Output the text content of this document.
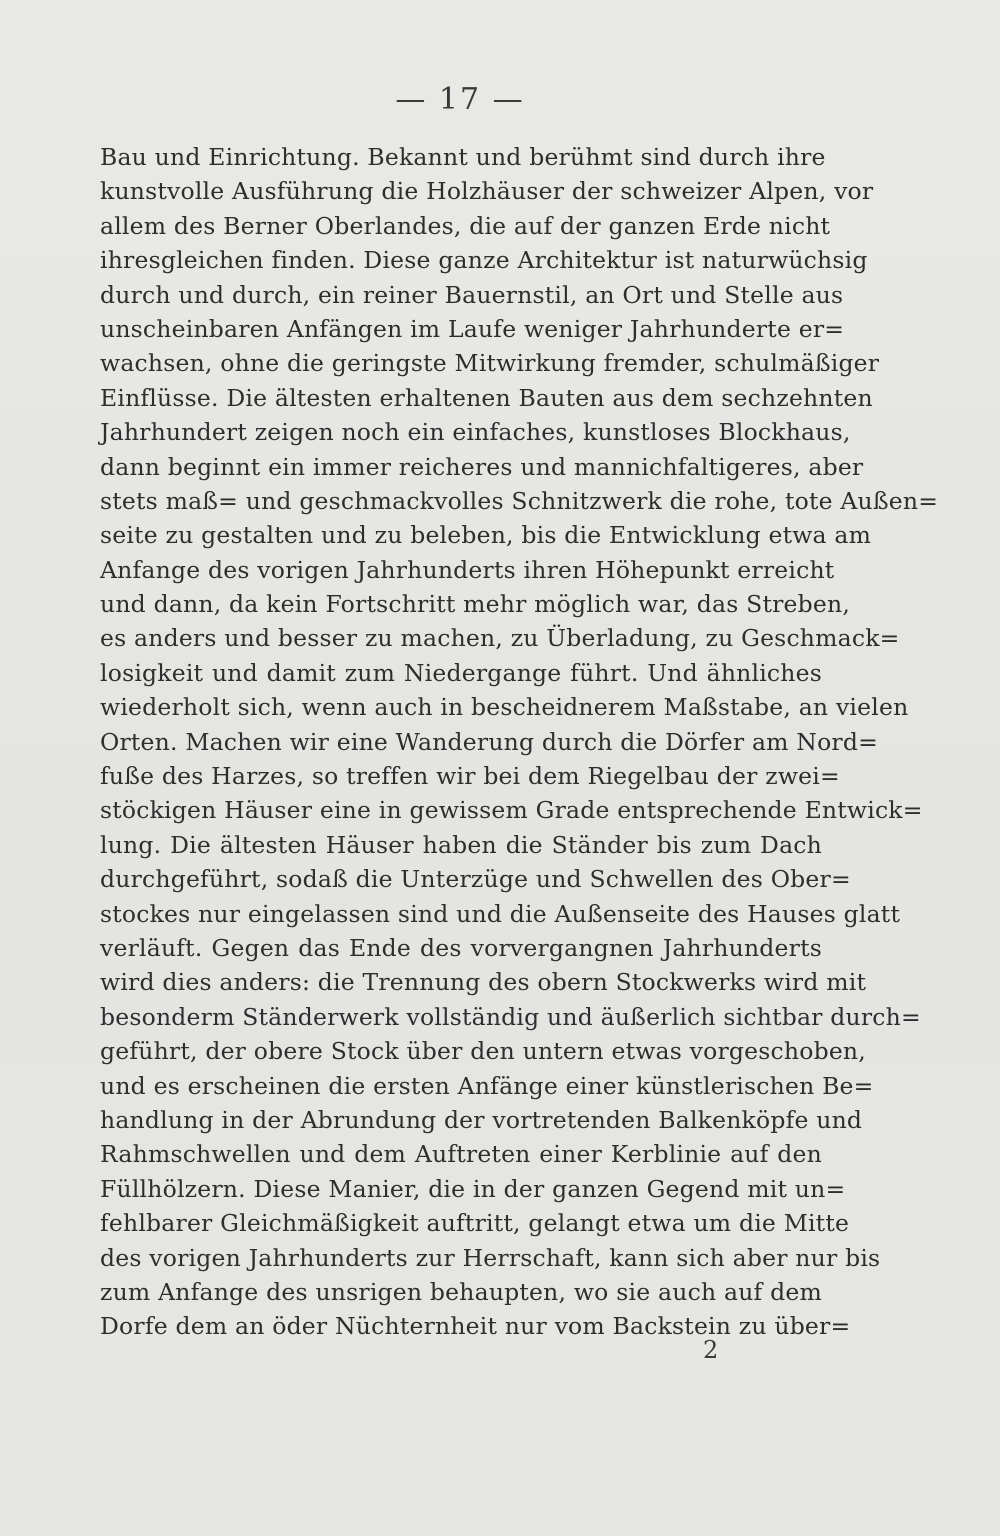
— 17 —
Bau und Einrichtung. Bekannt und berühmt sind durch ihre
kunstvolle Ausführung die Holzhäuser der schweizer Alpen, vor
allem des Berner Oberlandes, die auf der ganzen Erde nicht
ihresgleichen finden. Diese ganze Architektur ist naturwüchsig
durch und durch, ein reiner Bauernstil, an Ort und Stelle aus
unscheinbaren Anfängen im Laufe weniger Jahrhunderte er=
wachsen, ohne die geringste Mitwirkung fremder, schulmäßiger
Einflüsse. Die ältesten erhaltenen Bauten aus dem sechzehnten
Jahrhundert zeigen noch ein einfaches, kunstloses Blockhaus,
dann beginnt ein immer reicheres und mannichfaltigeres, aber
stets maß= und geschmackvolles Schnitzwerk die rohe, tote Außen=
seite zu gestalten und zu beleben, bis die Entwicklung etwa am
Anfange des vorigen Jahrhunderts ihren Höhepunkt erreicht
und dann, da kein Fortschritt mehr möglich war, das Streben,
es anders und besser zu machen, zu Überladung, zu Geschmack=
losigkeit und damit zum Niedergange führt. Und ähnliches
wiederholt sich, wenn auch in bescheidnerem Maßstabe, an vielen
Orten. Machen wir eine Wanderung durch die Dörfer am Nord=
fuße des Harzes, so treffen wir bei dem Riegelbau der zwei=
stöckigen Häuser eine in gewissem Grade entsprechende Entwick=
lung. Die ältesten Häuser haben die Ständer bis zum Dach
durchgeführt, sodaß die Unterzüge und Schwellen des Ober=
stockes nur eingelassen sind und die Außenseite des Hauses glatt
verläuft. Gegen das Ende des vorvergangnen Jahrhunderts
wird dies anders: die Trennung des obern Stockwerks wird mit
besonderm Ständerwerk vollständig und äußerlich sichtbar durch=
geführt, der obere Stock über den untern etwas vorgeschoben,
und es erscheinen die ersten Anfänge einer künstlerischen Be=
handlung in der Abrundung der vortretenden Balkenköpfe und
Rahmschwellen und dem Auftreten einer Kerblinie auf den
Füllhölzern. Diese Manier, die in der ganzen Gegend mit un=
fehlbarer Gleichmäßigkeit auftritt, gelangt etwa um die Mitte
des vorigen Jahrhunderts zur Herrschaft, kann sich aber nur bis
zum Anfange des unsrigen behaupten, wo sie auch auf dem
Dorfe dem an öder Nüchternheit nur vom Backstein zu über=
2
